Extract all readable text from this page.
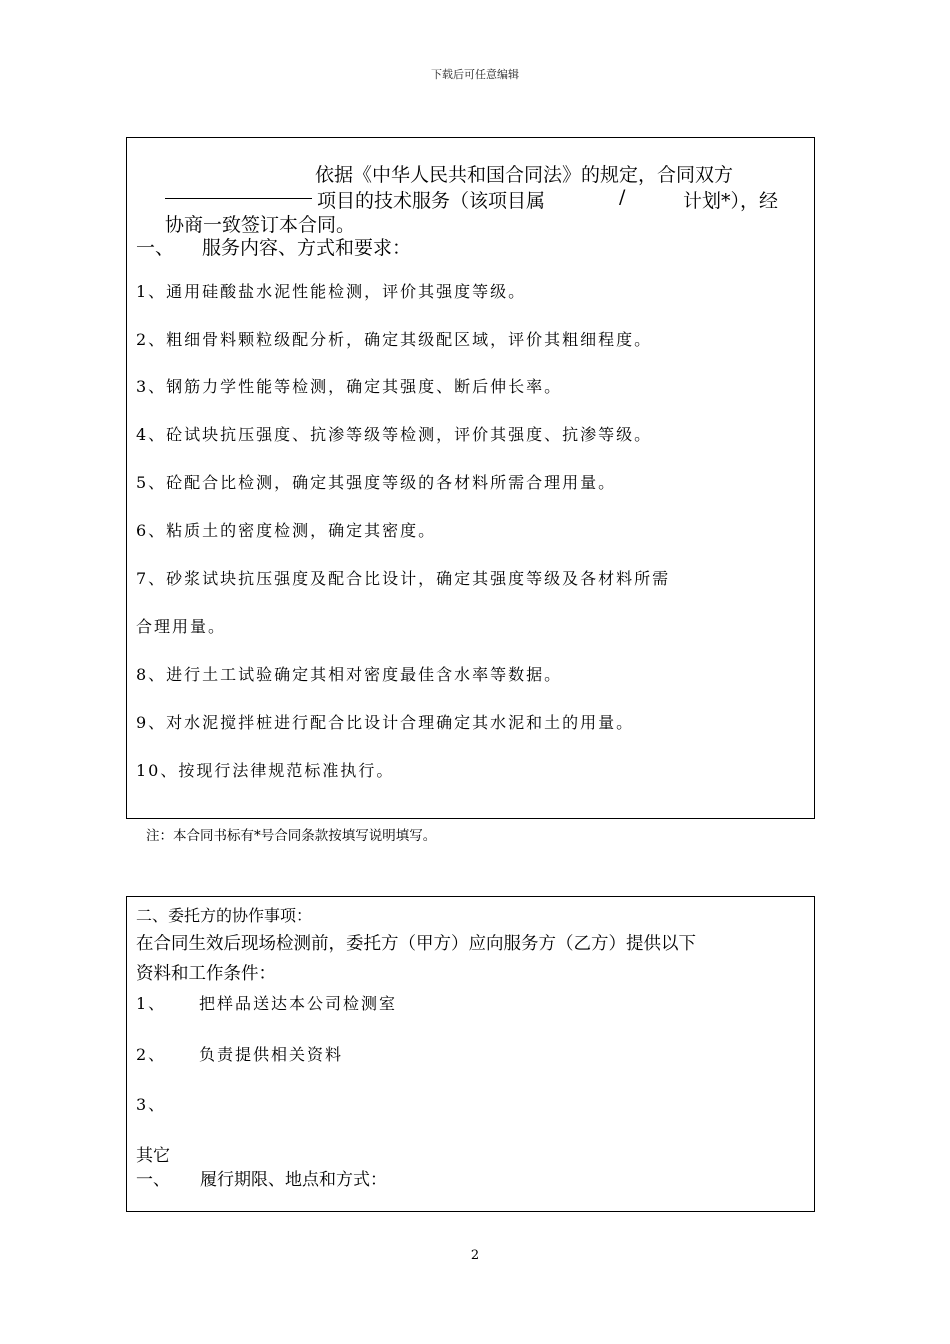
下载后可任意编辑
依据《中华人民共和国合同法》的规定，合同双方
项目的技术服务（该项目属	/	计划*），经
协商一致签订本合同。
一、 服务内容、方式和要求：
1、通用硅酸盐水泥性能检测，评价其强度等级。
2、粗细骨料颗粒级配分析，确定其级配区域，评价其粗细程度。
3、钢筋力学性能等检测，确定其强度、断后伸长率。
4、砼试块抗压强度、抗渗等级等检测，评价其强度、抗渗等级。
5、砼配合比检测，确定其强度等级的各材料所需合理用量。
6、粘质土的密度检测，确定其密度。
7、砂浆试块抗压强度及配合比设计，确定其强度等级及各材料所需
合理用量。
8、进行土工试验确定其相对密度最佳含水率等数据。
9、对水泥搅拌桩进行配合比设计合理确定其水泥和土的用量。
10、按现行法律规范标准执行。
注：本合同书标有*号合同条款按填写说明填写。
二、委托方的协作事项：
在合同生效后现场检测前，委托方（甲方）应向服务方（乙方）提供以下
资料和工作条件：
1、 把样品送达本公司检测室
2、 负责提供相关资料
3、
其它
一、 履行期限、地点和方式：
2
